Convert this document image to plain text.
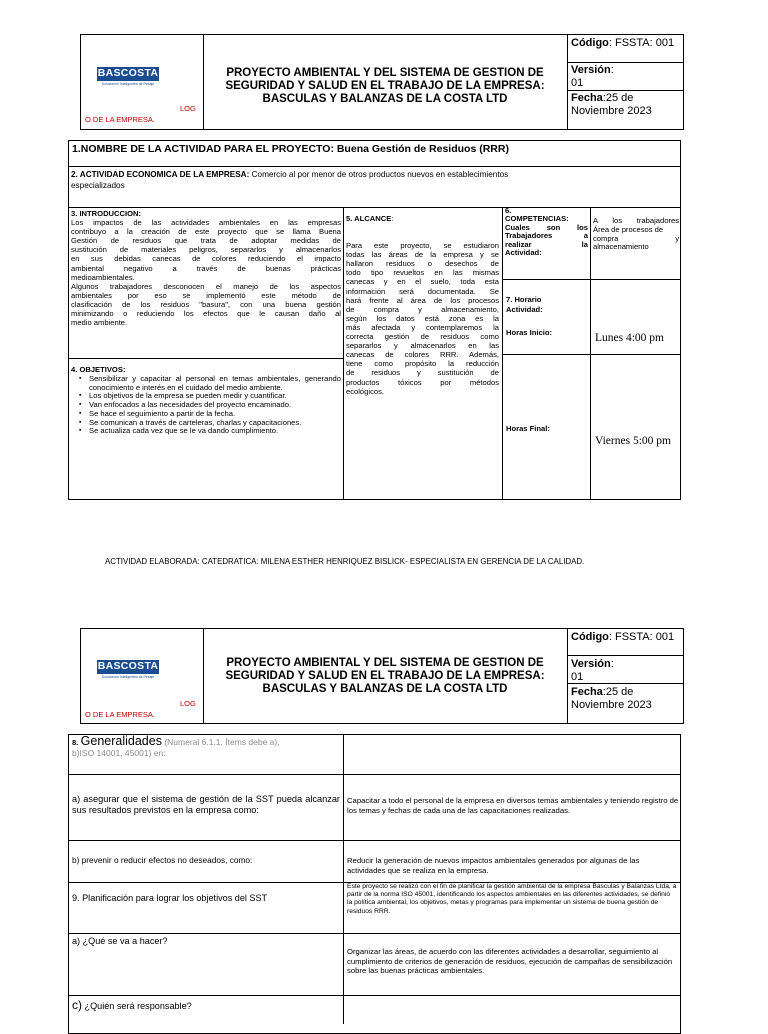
BASCOSTA
Soluciones Inteligentes de Pesaje
LOG
O DE LA EMPRESA.
PROYECTO AMBIENTAL Y DEL SISTEMA DE GESTION DE
SEGURIDAD Y SALUD EN EL TRABAJO DE LA EMPRESA:
BASCULAS Y BALANZAS DE LA COSTA LTD
Código: FSSTA: 001
Versión:
01
Fecha:25 de
Noviembre 2023
1.NOMBRE DE LA ACTIVIDAD PARA EL PROYECTO: Buena Gestión de Residuos (RRR)
2. ACTIVIDAD ECONOMICA DE LA EMPRESA: Comercio al por menor de otros productos nuevos en establecimientos
especializados
3. INTRODUCCION:
Los impactos de las actividades ambientales en las empresas
contribuyo a la creación de este proyecto que se llama Buena
Gestión de residuos que trata de adoptar medidas de
sustitución de materiales peligros, separarlos y almacenarlos
en sus debidas canecas de colores reduciendo el impacto
ambiental negativo a través de buenas prácticas
medioambientales.
Algunos trabajadores desconocen el manejo de los aspectos
ambientales por eso se implementó este método de
clasificación de los residuos "basura", con una buena gestión
minimizando o reduciendo los efectos que le causan daño al
medio ambiente.
4. OBJETIVOS:
▪ Sensibilizar y capacitar al personal en temas ambientales, generando conocimiento e interés en el cuidado del medio ambiente.
▪ Los objetivos de la empresa se pueden medir y cuantificar.
▪ Van enfocados a las necesidades del proyecto encaminado.
▪ Se hace el seguimiento a partir de la fecha.
▪ Se comunican a través de carteleras, charlas y capacitaciones.
▪ Se actualiza cada vez que se le va dando cumplimiento.
5. ALCANCE:
Para este proyecto, se estudiaron
todas las áreas de la empresa y se
hallaron residuos o desechos de
todo tipo revueltos en las mismas
canecas y en el suelo, toda esta
información será documentada. Se
hará frente al área de los procesos
de compra y almacenamiento,
según los datos está zona es la
más afectada y contemplaremos la
correcta gestión de residuos como
separarlos y almacenarlos en las
canecas de colores RRR. Además,
tiene como propósito la reducción
de residuos y sustitución de
productos tóxicos por métodos
ecológicos.
6.
COMPETENCIAS:
Cuales son los
Trabajadores a
realizar la
Actividad:
A los trabajadores
Área de procesos de
compra y
almacenamiento
7. Horario
Actividad:
Horas Inicio:	Lunes 4:00 pm
Horas Final:
Viernes 5:00 pm
ACTIVIDAD ELABORADA: CATEDRATICA: MILENA ESTHER HENRIQUEZ BISLICK- ESPECIALISTA EN GERENCIA DE LA CALIDAD.
BASCOSTA
Soluciones Inteligentes de Pesaje
LOG
O DE LA EMPRESA.
PROYECTO AMBIENTAL Y DEL SISTEMA DE GESTION DE
SEGURIDAD Y SALUD EN EL TRABAJO DE LA EMPRESA:
BASCULAS Y BALANZAS DE LA COSTA LTD
Código: FSSTA: 001
Versión:
01
Fecha:25 de
Noviembre 2023
8. Generalidades (Numeral 6.1.1. Ítems debe a),
b)ISO 14001, 45001) en:
a) asegurar que el sistema de gestión de la SST pueda alcanzar sus resultados previstos en la empresa como:
Capacitar a todo el personal de la empresa en diversos temas ambientales y teniendo registro de los temas y fechas de cada una de las capacitaciones realizadas.
b) prevenir o reducir efectos no deseados, como:	Reducir la generación de nuevos impactos ambientales generados por algunas de las actividades que se realiza en la empresa.
9. Planificación para lograr los objetivos del SST
Este proyecto se realizó con el fin de planificar la gestión ambiental de la empresa Basculas y Balanzas Ltda, a partir de la norma ISO 45001, identificando los aspectos ambientales en las diferentes actividades, se definió la política ambiental, los objetivos, metas y programas para implementar un sistema de buena gestión de residuos RRR.
a) ¿Qué se va a hacer?
Organizar las áreas, de acuerdo con las diferentes actividades a desarrollar, seguimiento al cumplimiento de criterios de generación de residuos, ejecución de campañas de sensibilización sobre las buenas prácticas ambientales.
c) ¿Quién será responsable?
